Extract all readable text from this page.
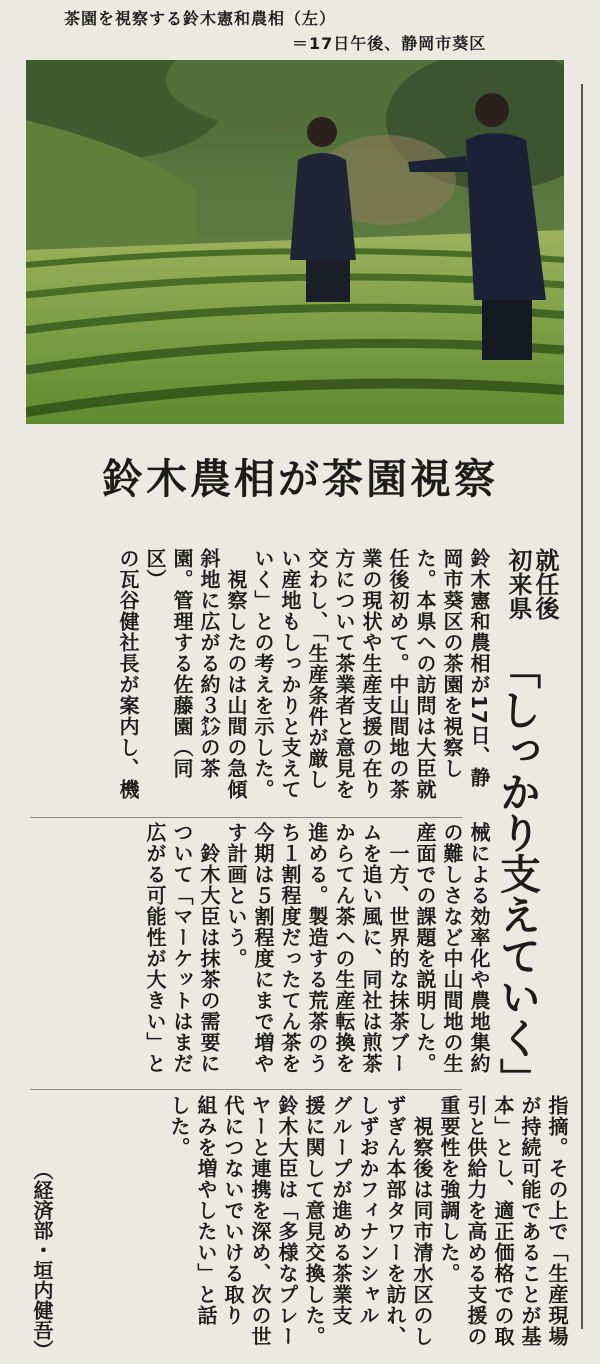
茶園を視察する鈴木憲和農相（左）
＝17日午後、静岡市葵区
鈴木農相が茶園視察
就任後
初来県
「しっかり支えていく」
鈴木憲和農相が17日、静
岡市葵区の茶園を視察し
た。本県への訪問は大臣就
任後初めて。中山間地の茶
業の現状や生産支援の在り
方について茶業者と意見を
交わし、「生産条件が厳し
い産地もしっかりと支えて
いく」との考えを示した。
　視察したのは山間の急傾
斜地に広がる約３㌶の茶
園。管理する佐藤園（同区）
の瓦谷健社長が案内し、機
械による効率化や農地集約
の難しさなど中山間地の生
産面での課題を説明した。
　一方、世界的な抹茶ブー
ムを追い風に、同社は煎茶
からてん茶への生産転換を
進める。製造する荒茶のう
ち１割程度だったてん茶を
今期は５割程度にまで増や
す計画という。
　鈴木大臣は抹茶の需要に
ついて「マーケットはまだ
広がる可能性が大きい」と
指摘。その上で「生産現場
が持続可能であることが基
本」とし、適正価格での取
引と供給力を高める支援の
重要性を強調した。
　視察後は同市清水区のし
ずぎん本部タワーを訪れ、
しずおかフィナンシャル
グループが進める茶業支
援に関して意見交換した。
鈴木大臣は「多様なプレー
ヤーと連携を深め、次の世
代につないでいける取り
組みを増やしたい」と話
した。
（経済部・垣内健吾）
